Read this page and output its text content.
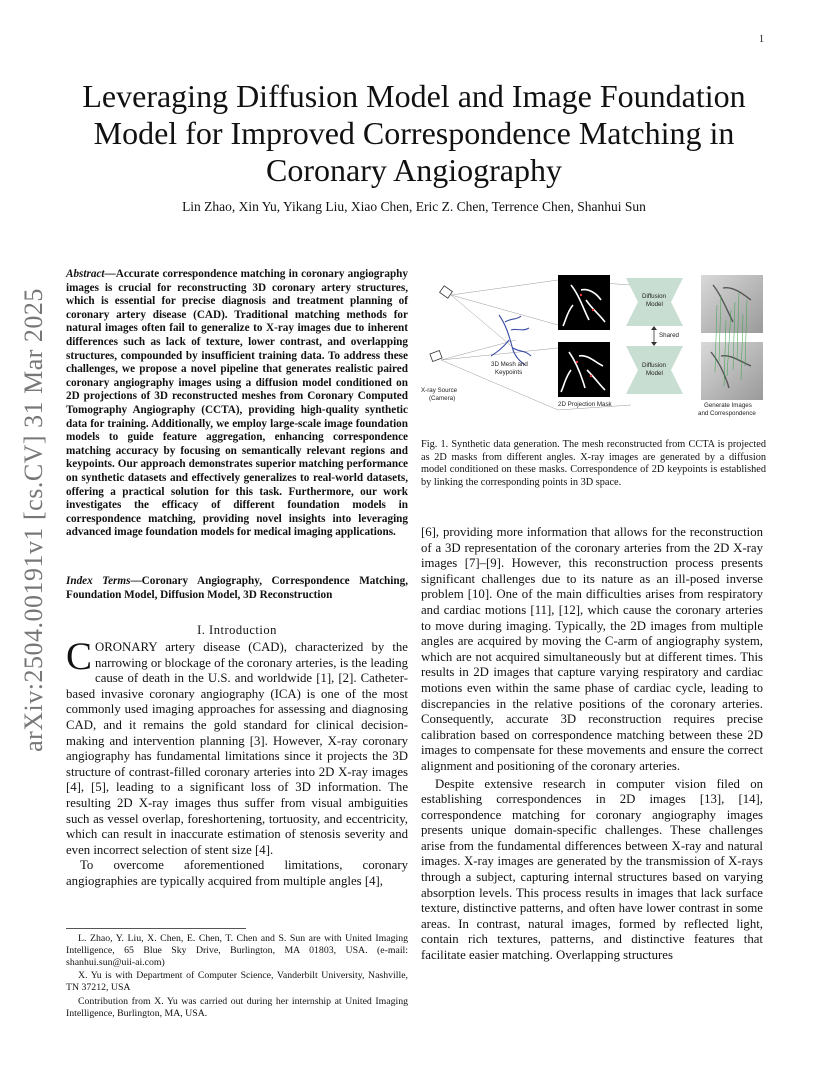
1
Leveraging Diffusion Model and Image Foundation Model for Improved Correspondence Matching in Coronary Angiography
Lin Zhao, Xin Yu, Yikang Liu, Xiao Chen, Eric Z. Chen, Terrence Chen, Shanhui Sun
arXiv:2504.00191v1 [cs.CV] 31 Mar 2025
Abstract—Accurate correspondence matching in coronary angiography images is crucial for reconstructing 3D coronary artery structures, which is essential for precise diagnosis and treatment planning of coronary artery disease (CAD). Traditional matching methods for natural images often fail to generalize to X-ray images due to inherent differences such as lack of texture, lower contrast, and overlapping structures, compounded by insufficient training data. To address these challenges, we propose a novel pipeline that generates realistic paired coronary angiography images using a diffusion model conditioned on 2D projections of 3D reconstructed meshes from Coronary Computed Tomography Angiography (CCTA), providing high-quality synthetic data for training. Additionally, we employ large-scale image foundation models to guide feature aggregation, enhancing correspondence matching accuracy by focusing on semantically relevant regions and keypoints. Our approach demonstrates superior matching performance on synthetic datasets and effectively generalizes to real-world datasets, offering a practical solution for this task. Furthermore, our work investigates the efficacy of different foundation models in correspondence matching, providing novel insights into leveraging advanced image foundation models for medical imaging applications.
Index Terms—Coronary Angiography, Correspondence Matching, Foundation Model, Diffusion Model, 3D Reconstruction
I. Introduction

CORONARY artery disease (CAD), characterized by the narrowing or blockage of the coronary arteries, is the leading cause of death in the U.S. and worldwide [1], [2]. Catheter-based invasive coronary angiography (ICA) is one of the most commonly used imaging approaches for assessing and diagnosing CAD, and it remains the gold standard for clinical decision-making and intervention planning [3]. However, X-ray coronary angiography has fundamental limitations since it projects the 3D structure of contrast-filled coronary arteries into 2D X-ray images [4], [5], leading to a significant loss of 3D information. The resulting 2D X-ray images thus suffer from visual ambiguities such as vessel overlap, foreshortening, tortuosity, and eccentricity, which can result in inaccurate estimation of stenosis severity and even incorrect selection of stent size [4].

To overcome aforementioned limitations, coronary angiographies are typically acquired from multiple angles [4],

L. Zhao, Y. Liu, X. Chen, E. Chen, T. Chen and S. Sun are with United Imaging Intelligence, 65 Blue Sky Drive, Burlington, MA 01803, USA. (e-mail: shanhui.sun@uii-ai.com)

X. Yu is with Department of Computer Science, Vanderbilt University, Nashville, TN 37212, USA

Contribution from X. Yu was carried out during her internship at United Imaging Intelligence, Burlington, MA, USA.

3D Mesh and
Keypoints
X-ray Source
(Camera)
2D Projection Mask
Diffusion
Model
Shared
Diffusion
Model
Generate Images
and Correspondence
Fig. 1. Synthetic data generation. The mesh reconstructed from CCTA is projected as 2D masks from different angles. X-ray images are generated by a diffusion model conditioned on these masks. Correspondence of 2D keypoints is established by linking the corresponding points in 3D space.

[6], providing more information that allows for the reconstruction of a 3D representation of the coronary arteries from the 2D X-ray images [7]–[9]. However, this reconstruction process presents significant challenges due to its nature as an ill-posed inverse problem [10]. One of the main difficulties arises from respiratory and cardiac motions [11], [12], which cause the coronary arteries to move during imaging. Typically, the 2D images from multiple angles are acquired by moving the C-arm of angiography system, which are not acquired simultaneously but at different times. This results in 2D images that capture varying respiratory and cardiac motions even within the same phase of cardiac cycle, leading to discrepancies in the relative positions of the coronary arteries. Consequently, accurate 3D reconstruction requires precise calibration based on correspondence matching between these 2D images to compensate for these movements and ensure the correct alignment and positioning of the coronary arteries.

Despite extensive research in computer vision filed on establishing correspondences in 2D images [13], [14], correspondence matching for coronary angiography images presents unique domain-specific challenges. These challenges arise from the fundamental differences between X-ray and natural images. X-ray images are generated by the transmission of X-rays through a subject, capturing internal structures based on varying absorption levels. This process results in images that lack surface texture, distinctive patterns, and often have lower contrast in some areas. In contrast, natural images, formed by reflected light, contain rich textures, patterns, and distinctive features that facilitate easier matching. Overlapping structures
